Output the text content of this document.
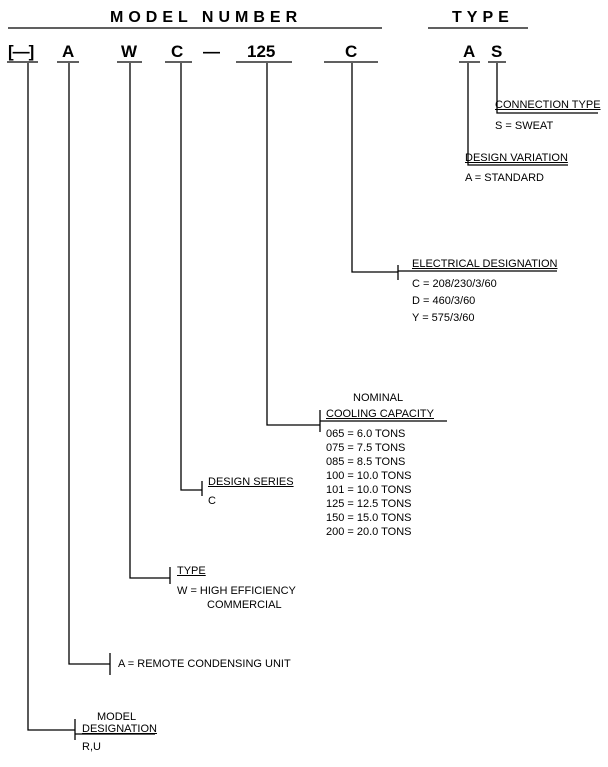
MODEL NUMBER	TYPE
[—] A	W C — 125	C	A S
CONNECTION TYPE
S = SWEAT
DESIGN VARIATION
A = STANDARD
ELECTRICAL DESIGNATION
C = 208/230/3/60
D = 460/3/60
Y = 575/3/60
NOMINAL
COOLING CAPACITY
065 = 6.0 TONS
075 = 7.5 TONS
085 = 8.5 TONS
100 = 10.0 TONS
101 = 10.0 TONS
125 = 12.5 TONS
150 = 15.0 TONS
200 = 20.0 TONS
DESIGN SERIES
C
TYPE
W = HIGH EFFICIENCY
COMMERCIAL
A = REMOTE CONDENSING UNIT
MODEL
DESIGNATION
R,U
